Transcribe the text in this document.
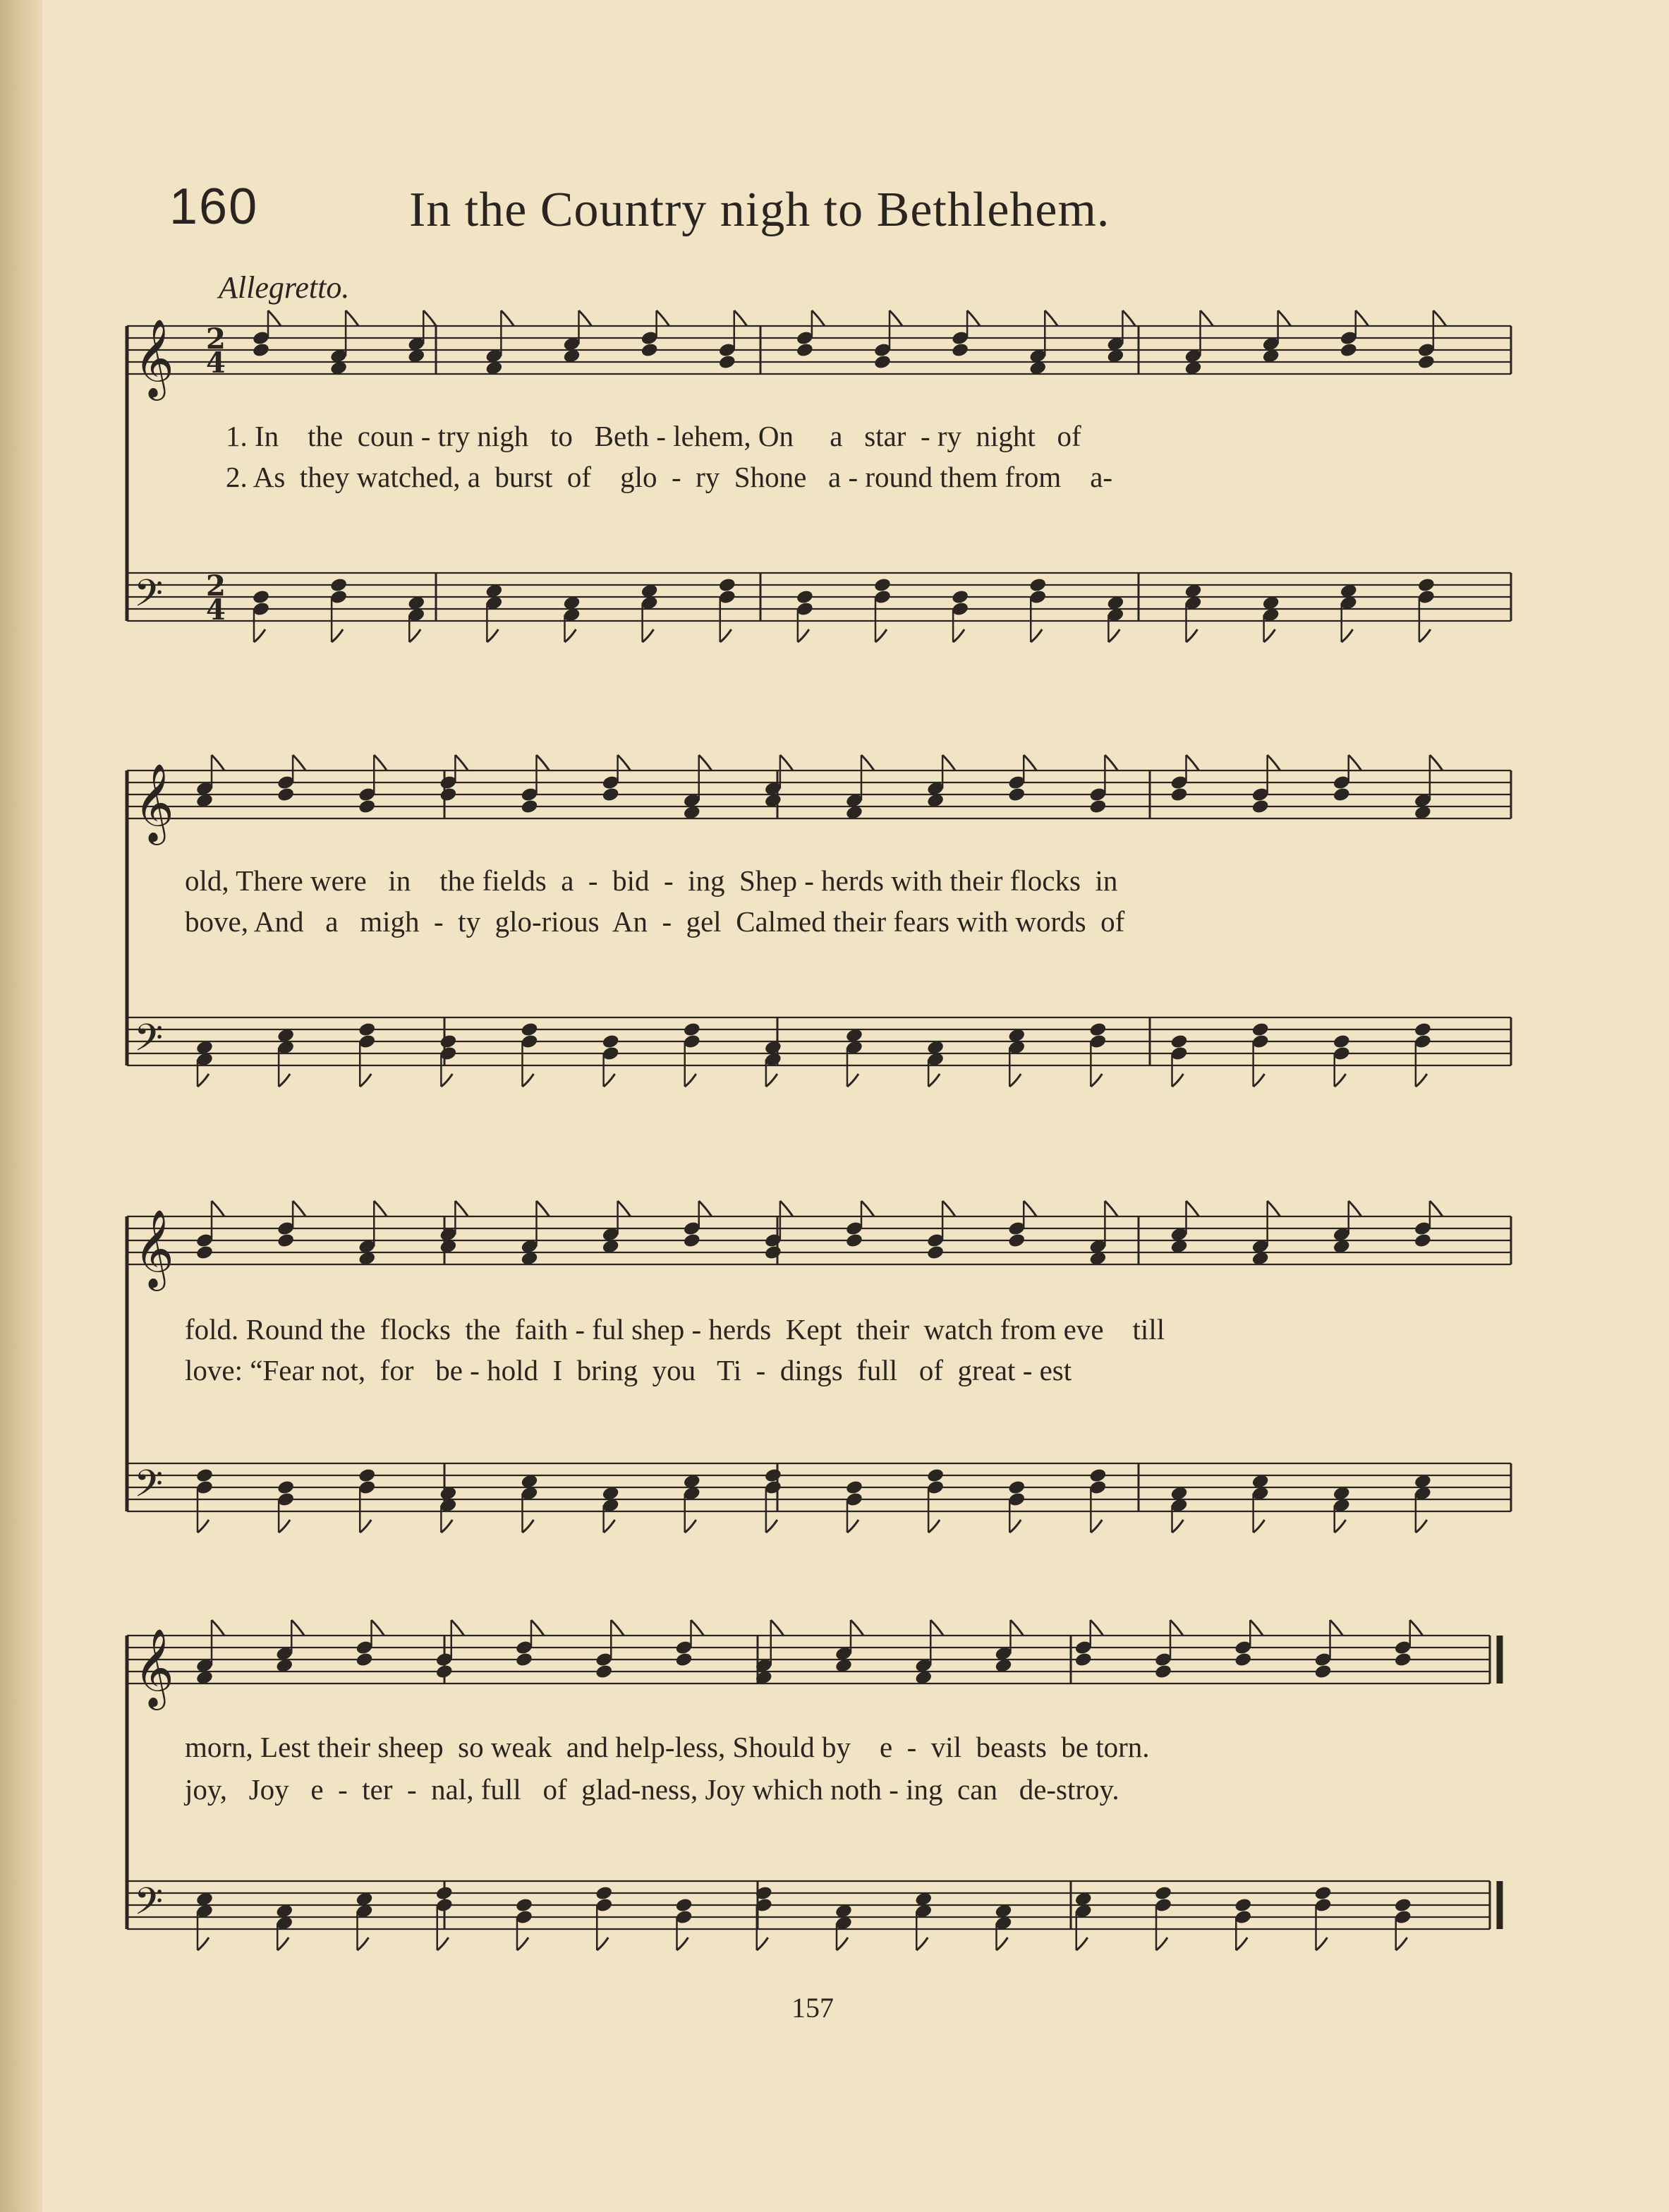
160	In the Country nigh to Bethlehem.
Allegretto.
𝄞 2
4
𝄢 2
4
𝄞
𝄢
𝄞
𝄢
𝄞
𝄢
1. In    the  coun - try nigh   to   Beth - lehem, On     a   star  - ry  night   of
2. As  they watched, a  burst  of    glo  -  ry  Shone   a - round them from    a-
old, There were   in    the fields  a  -  bid  -  ing  Shep - herds with their flocks  in
bove, And   a   migh  -  ty  glo-rious  An  -  gel  Calmed their fears with words  of
fold. Round the  flocks  the  faith - ful shep - herds  Kept  their  watch from eve    till
love: “Fear not,  for   be - hold  I  bring  you   Ti  -  dings  full   of  great - est
morn, Lest their sheep  so weak  and help-less, Should by    e  -  vil  beasts  be torn.
joy,   Joy   e  -  ter  -  nal, full   of  glad-ness, Joy which noth - ing  can   de-stroy.
157
